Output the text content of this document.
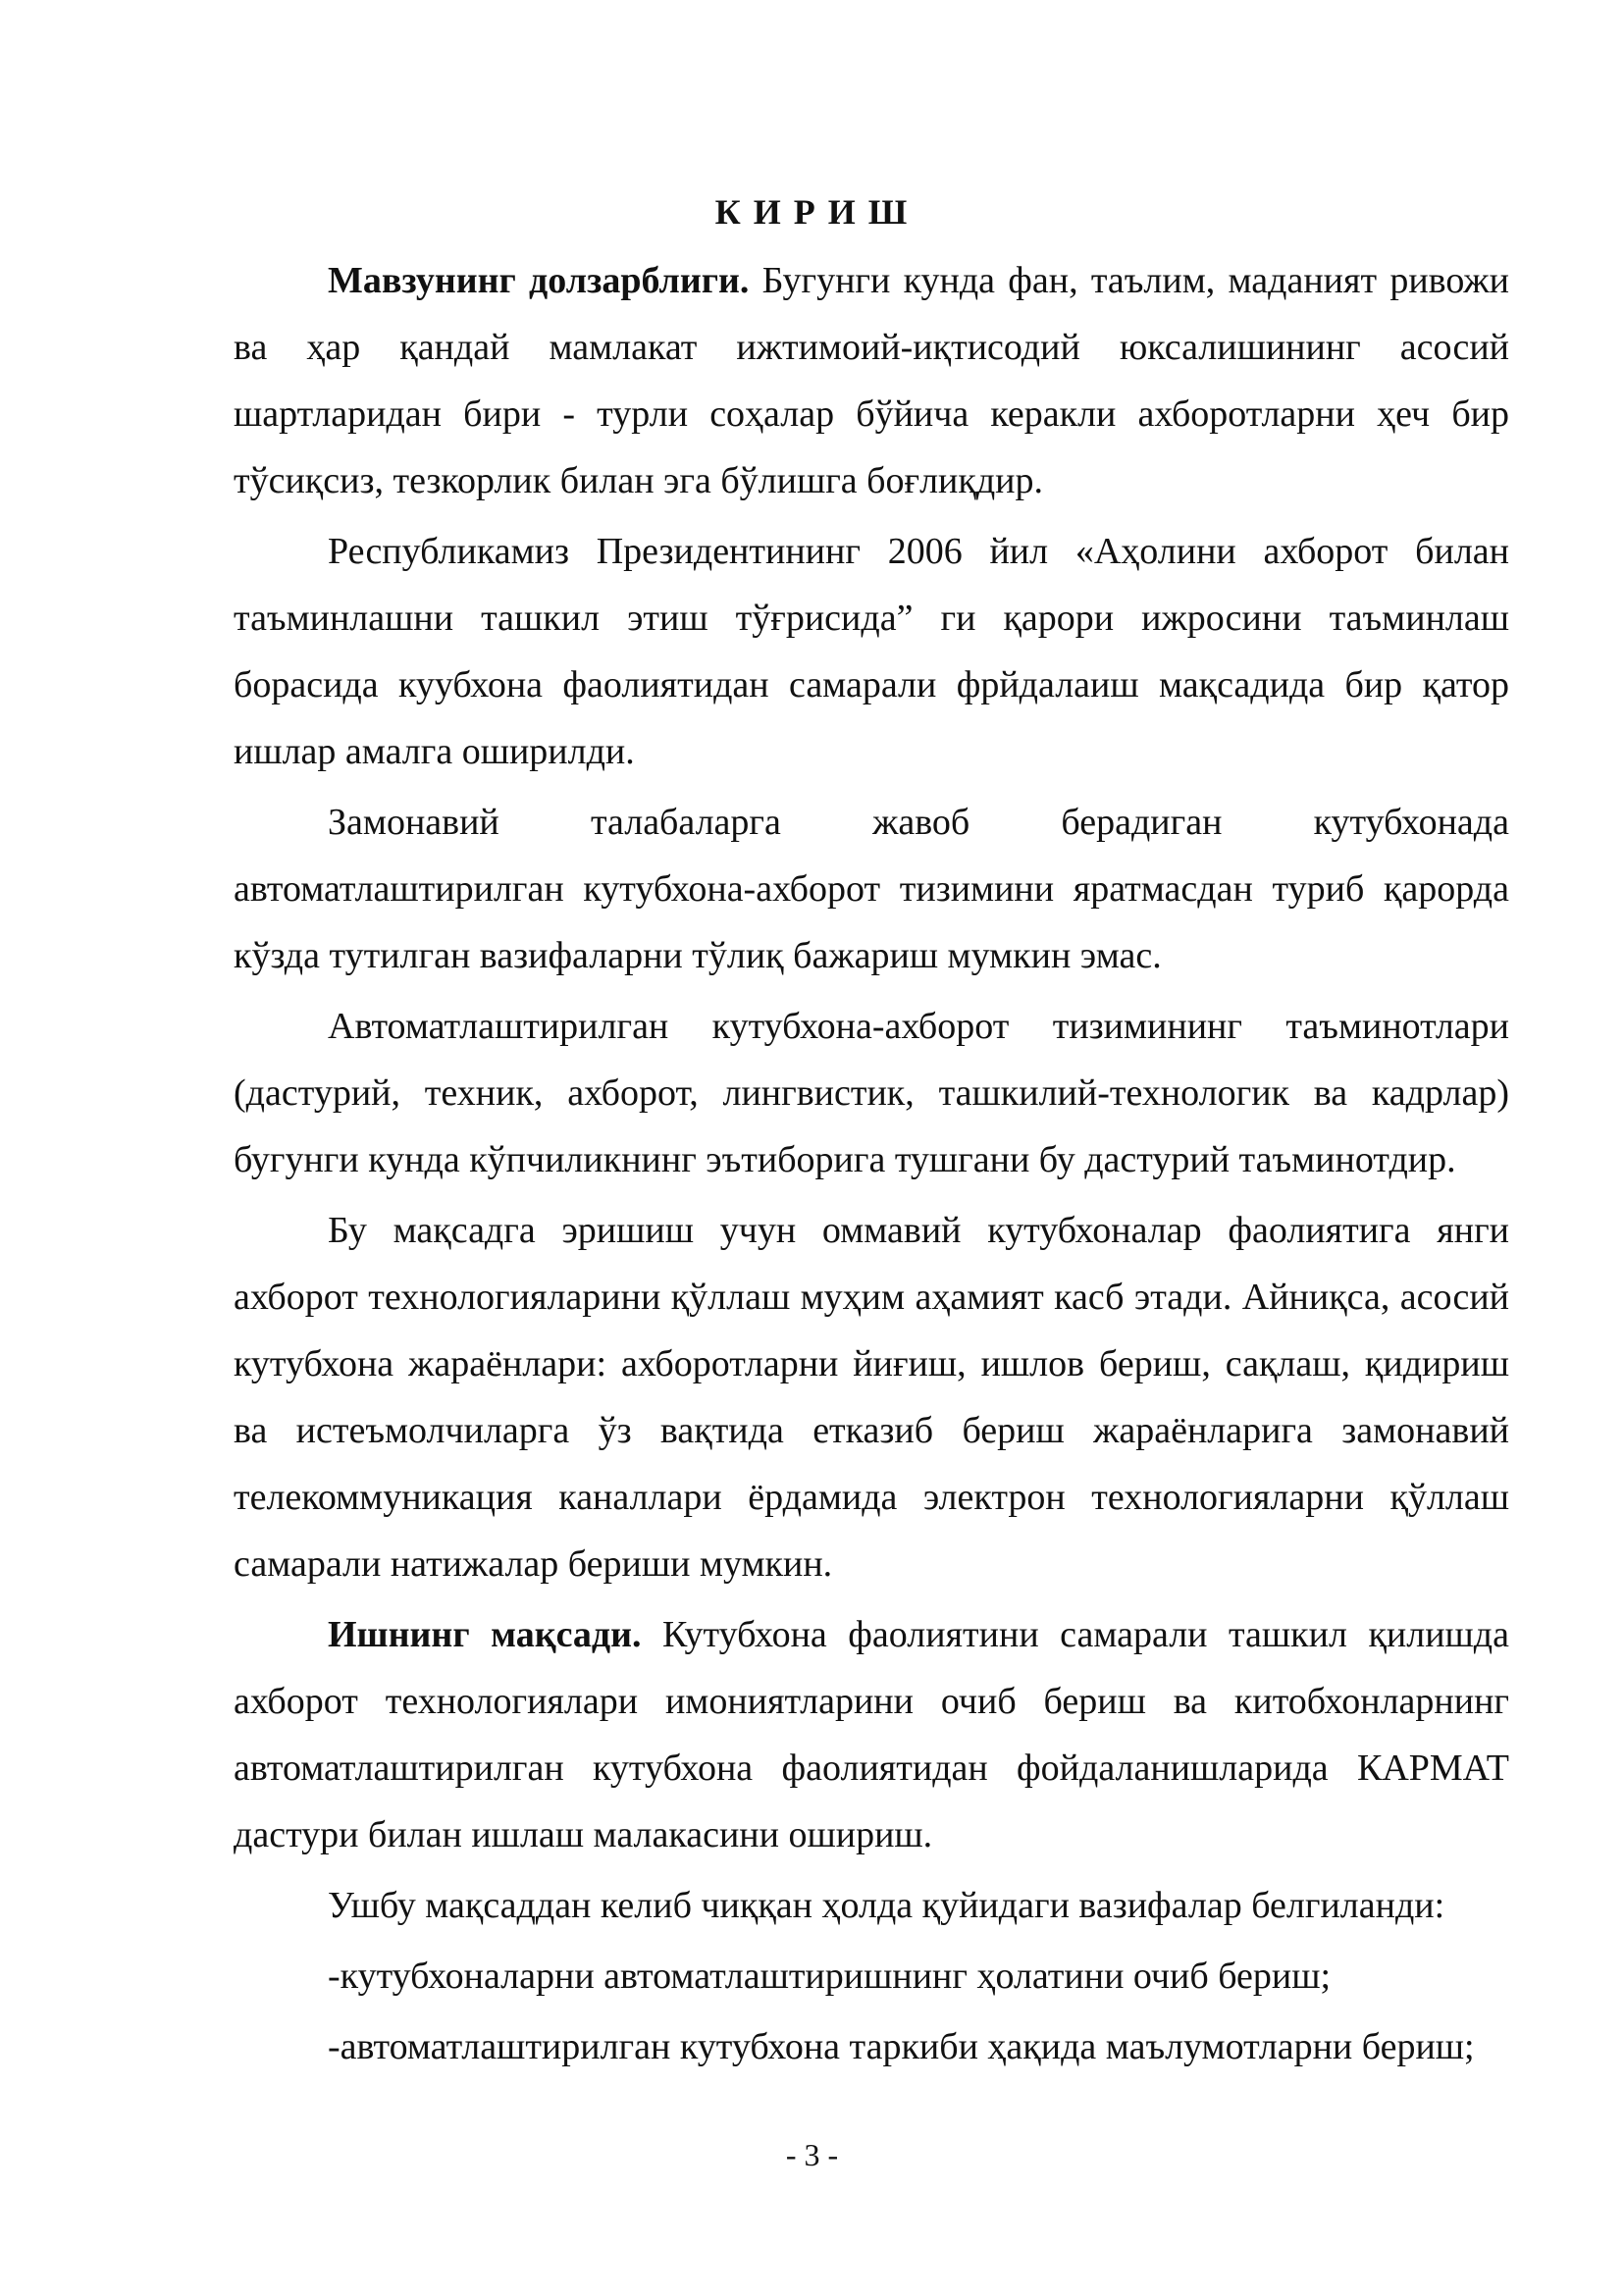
К И Р И Ш

Мавзунинг долзарблиги. Бугунги кунда фан, таълим, маданият ривожи ва ҳар қандай мамлакат ижтимоий-иқтисодий юксалишининг асосий шартларидан бири - турли соҳалар бўйича керакли ахборотларни ҳеч бир тўсиқсиз, тезкорлик билан эга бўлишга боғлиқдир.

Республикамиз Президентининг 2006 йил «Аҳолини ахборот билан таъминлашни ташкил этиш тўғрисида” ги қарори ижросини таъминлаш борасида куубхона фаолиятидан самарали фрйдалаиш мақсадида бир қатор ишлар амалга оширилди.

Замонавий талабаларга жавоб берадиган кутубхонада автоматлаштирилган кутубхона-ахборот тизимини яратмасдан туриб қарорда кўзда тутилган вазифаларни тўлиқ бажариш мумкин эмас.

Автоматлаштирилган кутубхона-ахборот тизимининг таъминотлари (дастурий, техник, ахборот, лингвистик, ташкилий-технологик ва кадрлар) бугунги кунда кўпчиликнинг эътиборига тушгани бу дастурий таъминотдир.

Бу мақсадга эришиш учун оммавий кутубхоналар фаолиятига янги ахборот технологияларини қўллаш муҳим аҳамият касб этади. Айниқса, асосий кутубхона жараёнлари: ахборотларни йиғиш, ишлов бериш, сақлаш, қидириш ва истеъмолчиларга ўз вақтида етказиб бериш жараёнларига замонавий телекоммуникация каналлари ёрдамида электрон технологияларни қўллаш самарали натижалар бериши мумкин.

Ишнинг мақсади. Кутубхона фаолиятини самарали ташкил қилишда ахборот технологиялари имониятларини очиб бериш ва китобхонларнинг автоматлаштирилган кутубхона фаолиятидан фойдаланишларида КАРМАТ дастури билан ишлаш малакасини ошириш.

Ушбу мақсаддан келиб чиққан ҳолда қуйидаги вазифалар белгиланди:

-кутубхоналарни автоматлаштиришнинг ҳолатини очиб бериш;

-автоматлаштирилган кутубхона таркиби ҳақида маълумотларни бериш;

- 3 -
